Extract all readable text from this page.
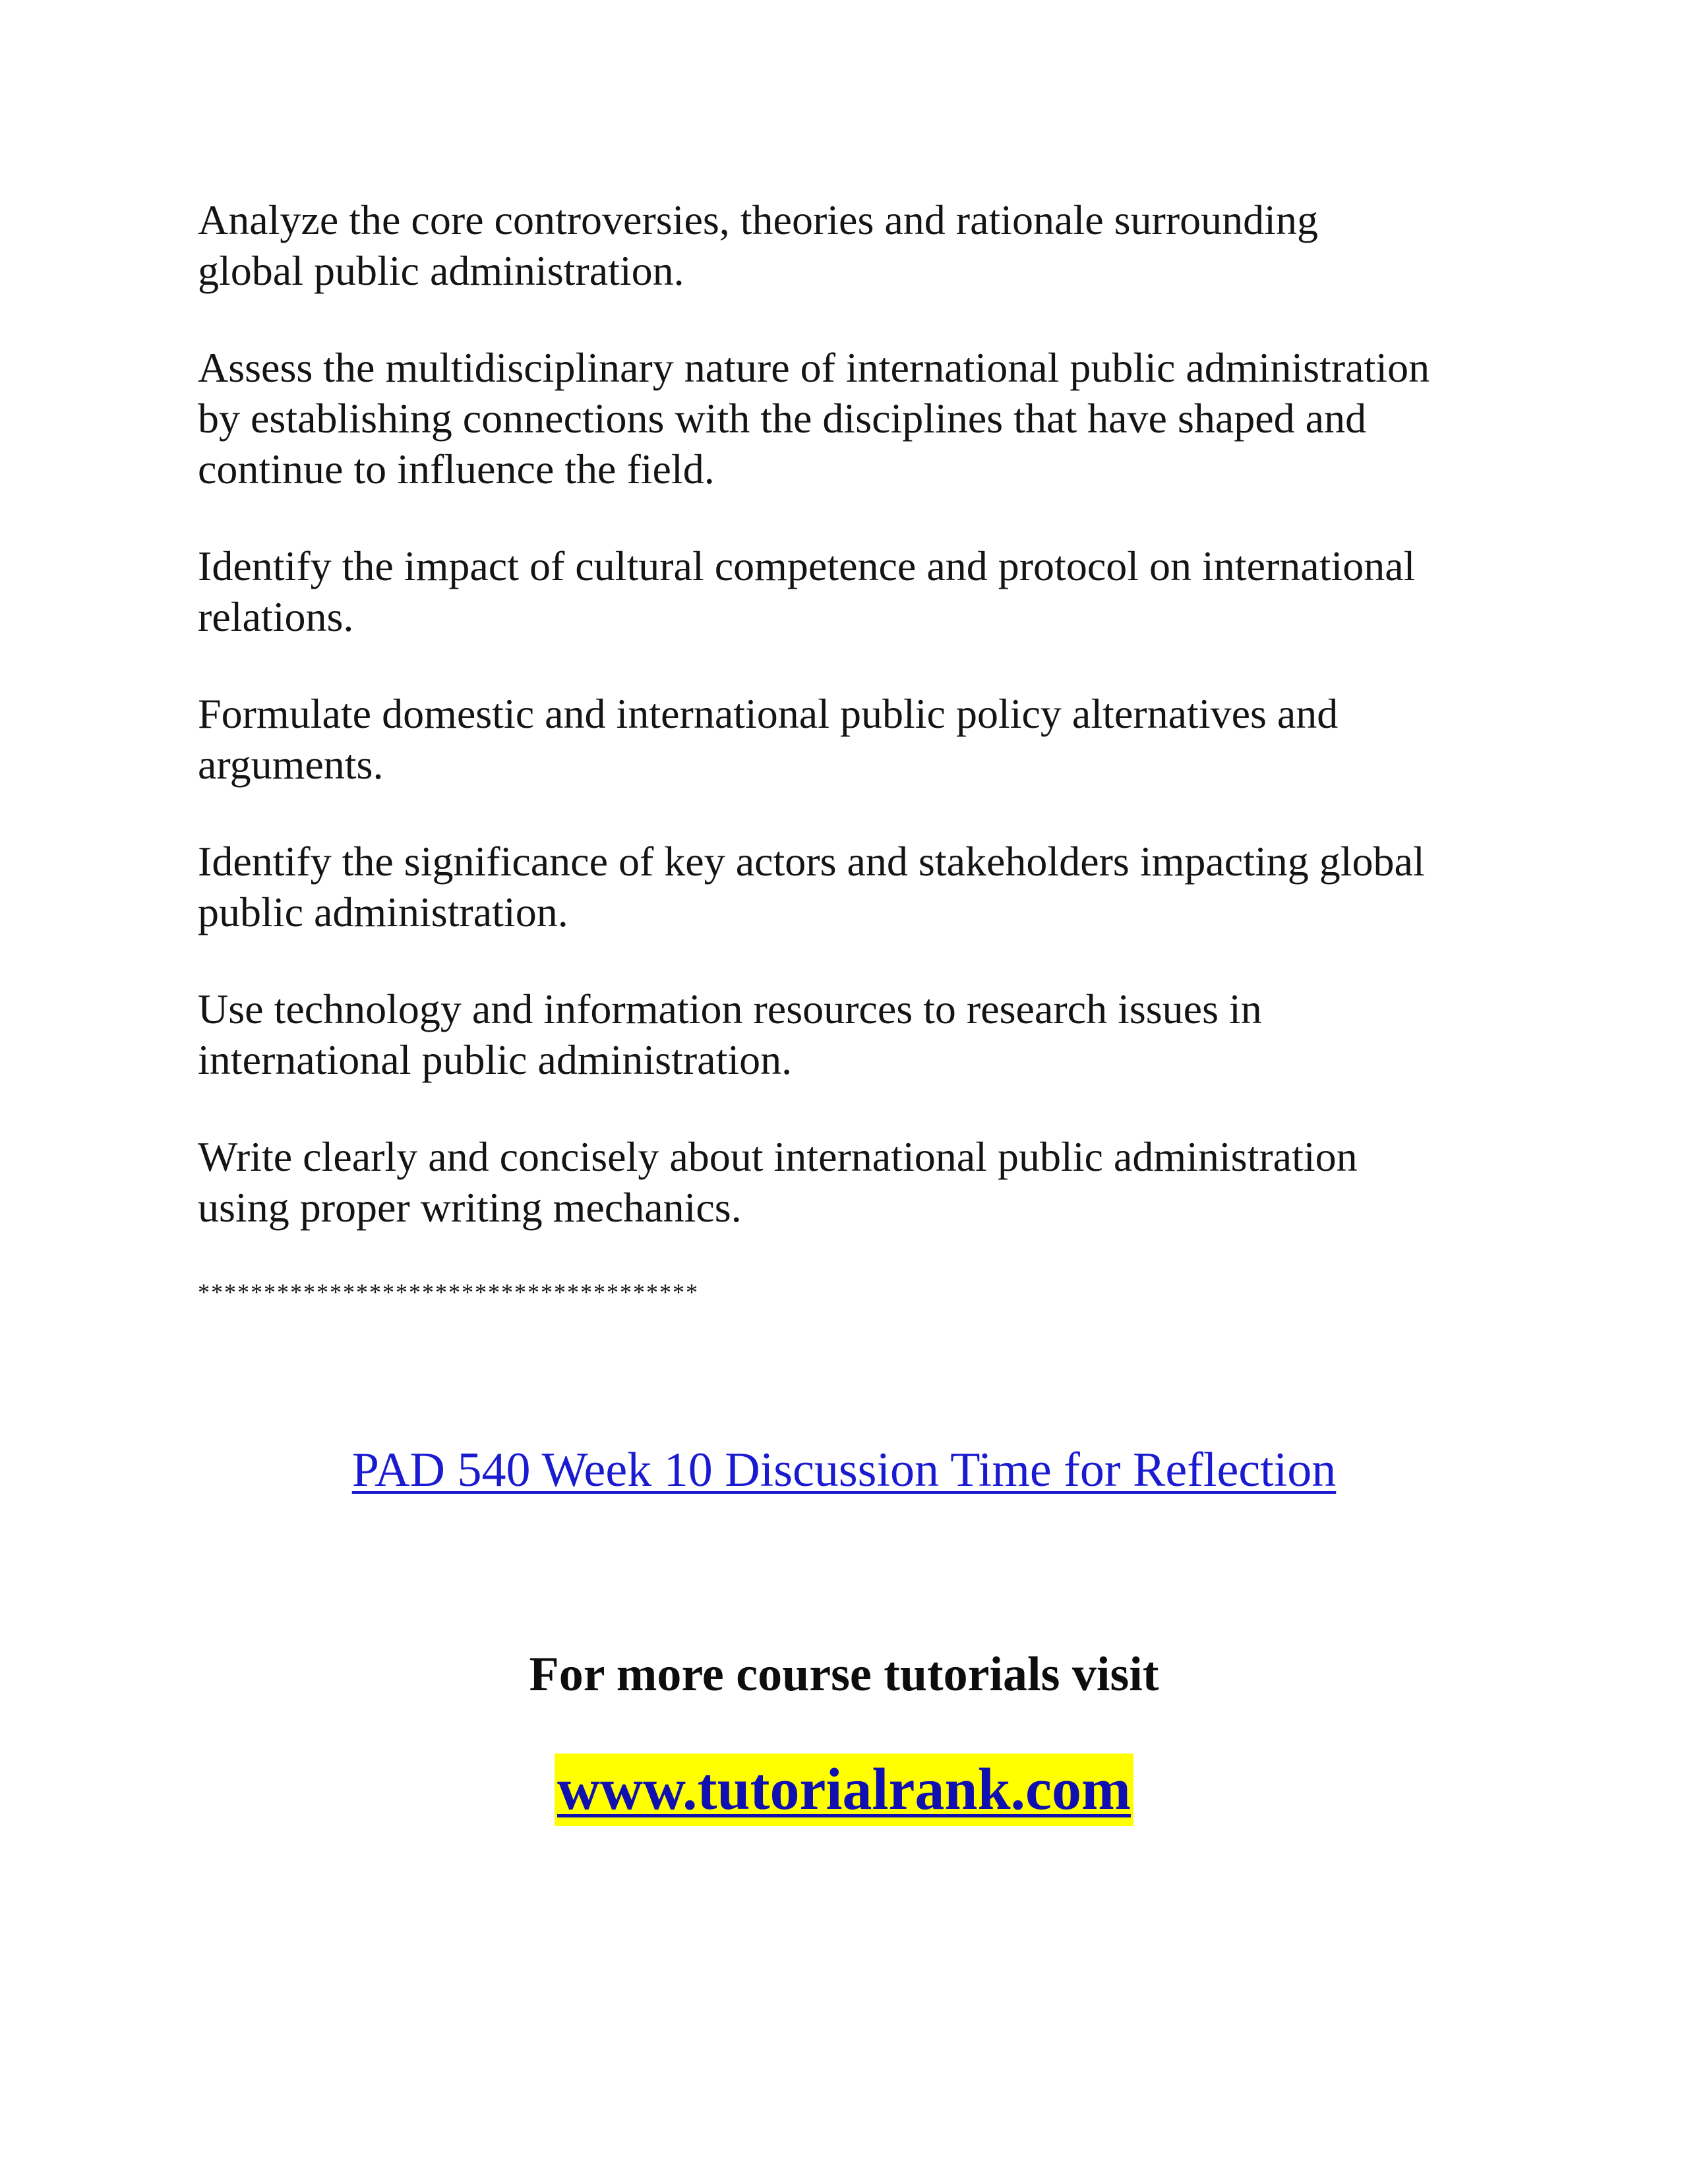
Analyze the core controversies, theories and rationale surrounding
global public administration.

Assess the multidisciplinary nature of international public administration
by establishing connections with the disciplines that have shaped and
continue to influence the field.

Identify the impact of cultural competence and protocol on international
relations.

Formulate domestic and international public policy alternatives and
arguments.

Identify the significance of key actors and stakeholders impacting global
public administration.

Use technology and information resources to research issues in
international public administration.

Write clearly and concisely about international public administration
using proper writing mechanics.

**************************************

PAD 540 Week 10 Discussion Time for Reflection
For more course tutorials visit
www.tutorialrank.com
